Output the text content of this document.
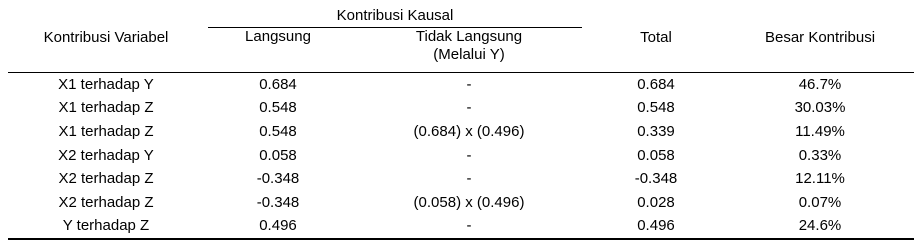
Kontribusi Variabel	Kontribusi Kausal		Total	Besar Kontribusi
	Langsung	Tidak Langsung
(Melalui Y)		

X1 terhadap Y	0.684	-	0.684	46.7%
X1 terhadap Z	0.548	-	0.548	30.03%
X1 terhadap Z	0.548	(0.684) x (0.496)	0.339	11.49%
X2 terhadap Y	0.058	-	0.058	0.33%
X2 terhadap Z	-0.348	-	-0.348	12.11%
X2 terhadap Z	-0.348	(0.058) x (0.496)	0.028	0.07%
Y terhadap Z	0.496	-	0.496	24.6%
